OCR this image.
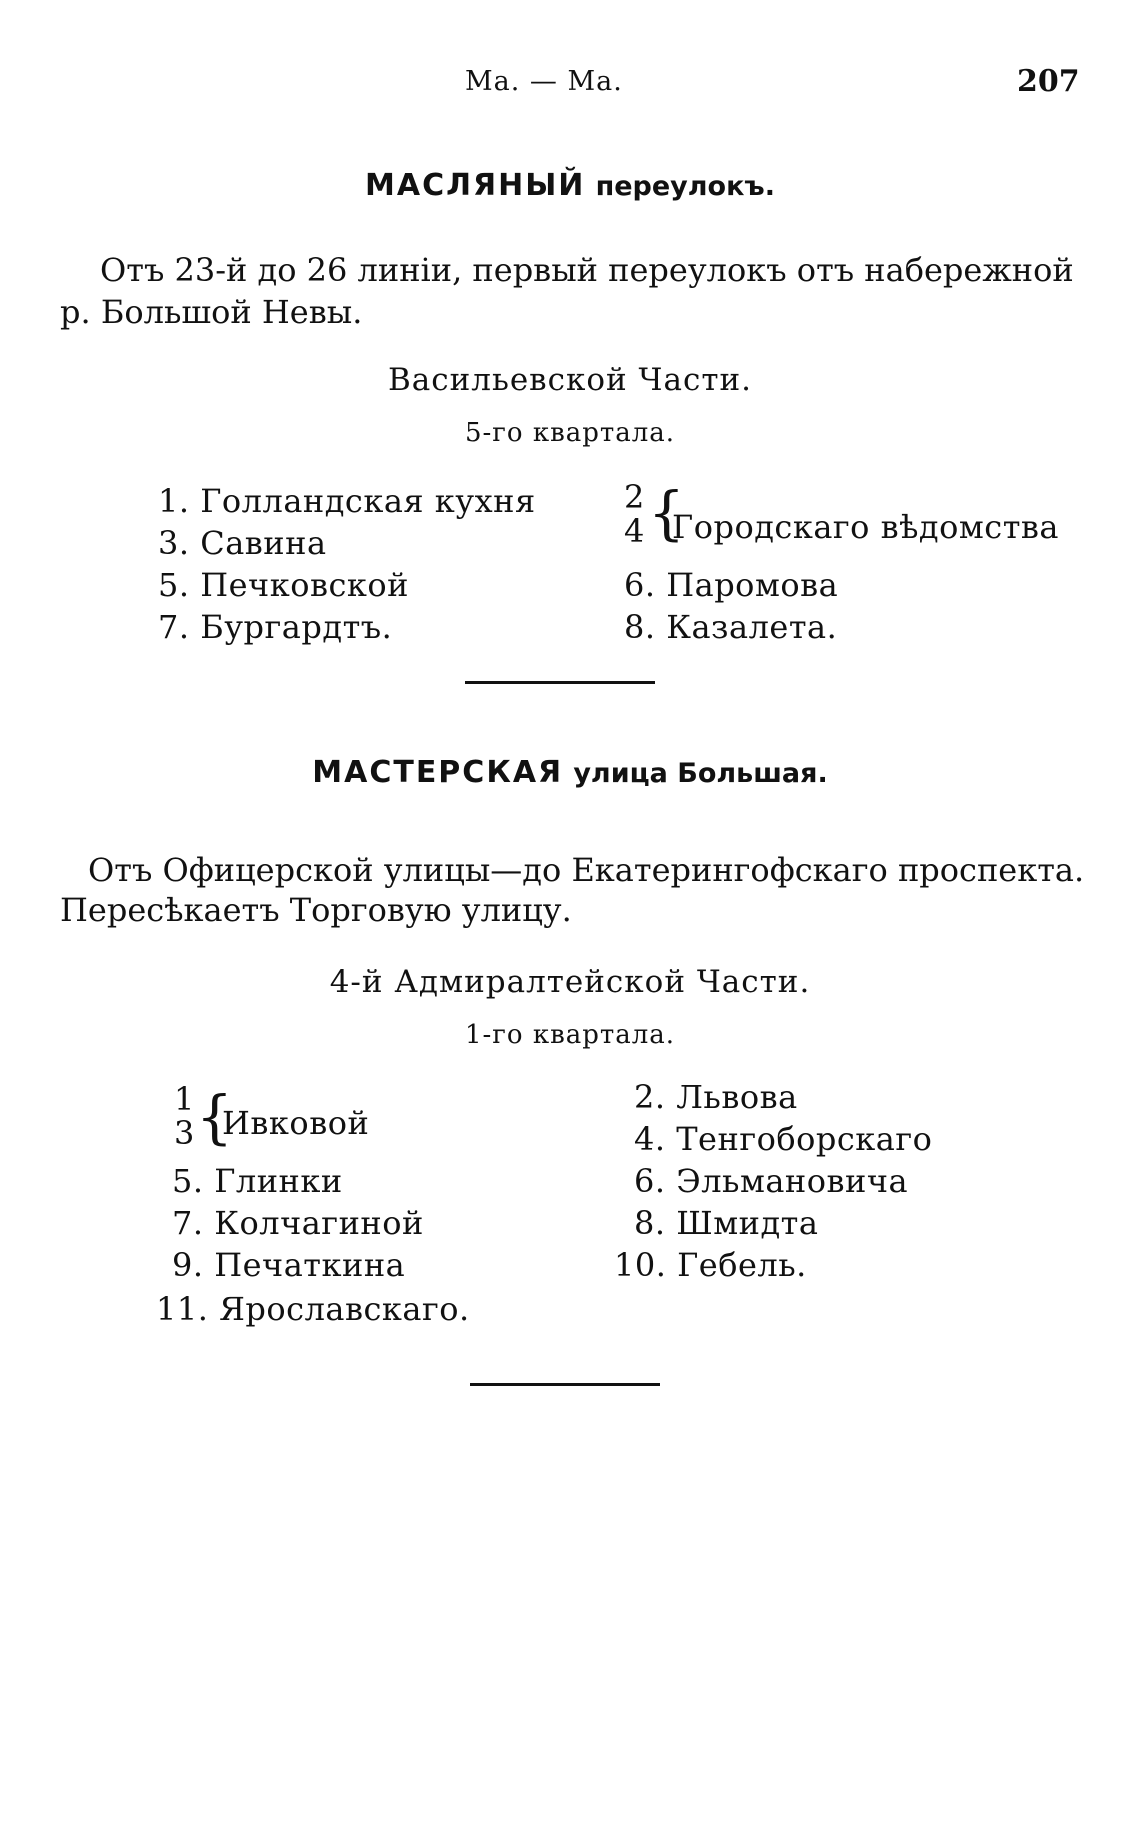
Ма. — Ма.	207
МАСЛЯНЫЙ переулокъ.
Отъ 23-й до 26 линіи, первый переулокъ отъ набережной
р. Большой Невы.
Васильевской Части.
5-го квартала.
1. Голландская кухня
3. Савина
5. Печковской
7. Бургардтъ.
2
4 {
Городскаго вѣдомства
6. Паромова
8. Казалета.
МАСТЕРСКАЯ улица Большая.
Отъ Офицерской улицы—до Екатерингофскаго проспекта.
Пересѣкаетъ Торговую улицу.
4-й Адмиралтейской Части.
1-го квартала.
1
3 {
Ивковой
5. Глинки
7. Колчагиной
9. Печаткина
11. Ярославскаго.
2. Львова
4. Тенгоборскаго
6. Эльмановича
8. Шмидта
10. Гебель.
